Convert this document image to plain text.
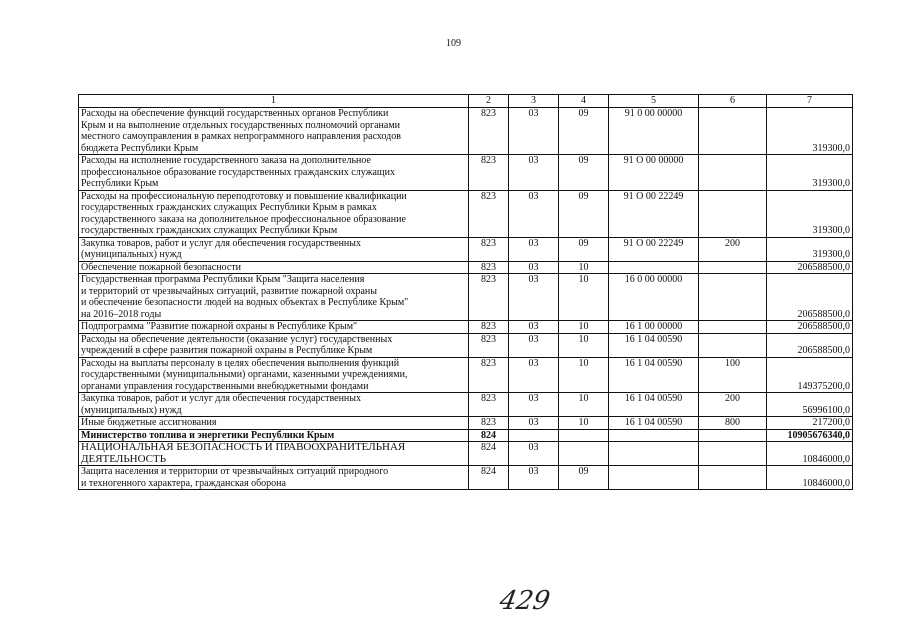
109
1	2	3	4	5	6	7
Расходы на обеспечение функций государственных органов Республики
Крым и на выполнение отдельных государственных полномочий органами
местного самоуправления в рамках непрограммного направления расходов
бюджета Республики Крым	823	03	09	91 0 00 00000		319300,0
Расходы на исполнение государственного заказа на дополнительное
профессиональное образование государственных гражданских служащих
Республики Крым	823	03	09	91 О 00 00000		319300,0
Расходы на профессиональную переподготовку и повышение квалификации
государственных гражданских служащих Республики Крым в рамках
государственного заказа на дополнительное профессиональное образование
государственных гражданских служащих Республики Крым	823	03	09	91 О 00 22249		319300,0
Закупка товаров, работ и услуг для обеспечения государственных
(муниципальных) нужд	823	03	09	91 О 00 22249	200	319300,0
Обеспечение пожарной безопасности	823	03	10			206588500,0
Государственная программа Республики Крым "Защита населения
и территорий от чрезвычайных ситуаций, развитие пожарной охраны
и обеспечение безопасности людей на водных объектах в Республике Крым"
на 2016–2018 годы	823	03	10	16 0 00 00000		206588500,0
Подпрограмма "Развитие пожарной охраны в Республике Крым"	823	03	10	16 1 00 00000		206588500,0
Расходы на обеспечение деятельности (оказание услуг) государственных
учреждений в сфере развития пожарной охраны в Республике Крым	823	03	10	16 1 04 00590		206588500,0
Расходы на выплаты персоналу в целях обеспечения выполнения функций
государственными (муниципальными) органами, казенными учреждениями,
органами управления государственными внебюджетными фондами	823	03	10	16 1 04 00590	100	149375200,0
Закупка товаров, работ и услуг для обеспечения государственных
(муниципальных) нужд	823	03	10	16 1 04 00590	200	56996100,0
Иные бюджетные ассигнования	823	03	10	16 1 04 00590	800	217200,0
Министерство топлива и энергетики Республики Крым	824					10905676340,0
НАЦИОНАЛЬНАЯ БЕЗОПАСНОСТЬ И ПРАВООХРАНИТЕЛЬНАЯ
ДЕЯТЕЛЬНОСТЬ	824	03				10846000,0
Защита населения и территории от чрезвычайных ситуаций природного
и техногенного характера, гражданская оборона	824	03	09			10846000,0
429
